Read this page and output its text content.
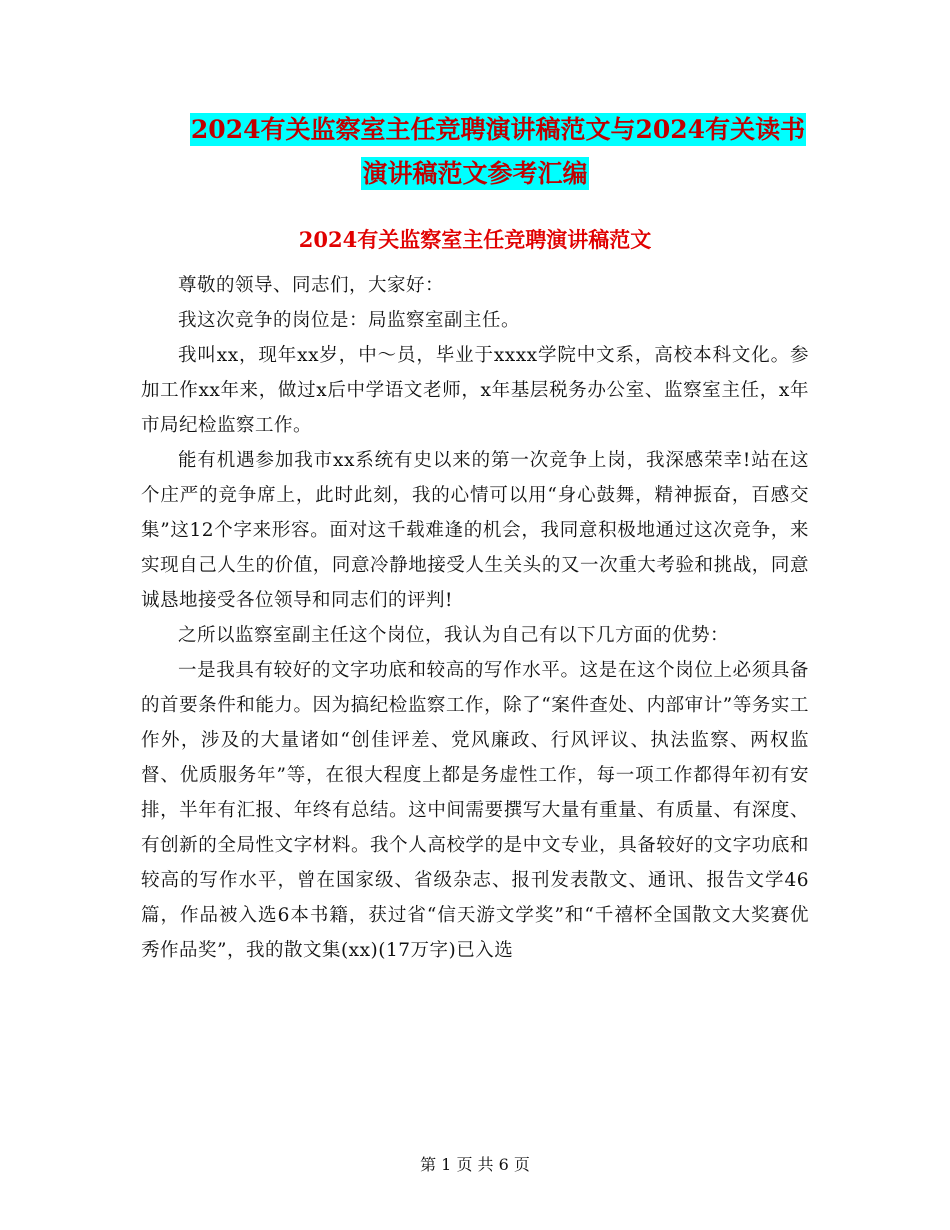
2024有关监察室主任竞聘演讲稿范文与2024有关读书
演讲稿范文参考汇编
2024有关监察室主任竞聘演讲稿范文

尊敬的领导、同志们，大家好：

我这次竞争的岗位是：局监察室副主任。

我叫xx，现年xx岁，中～员，毕业于xxxx学院中文系，高校本科文化。参加工作xx年来，做过x后中学语文老师，x年基层税务办公室、监察室主任，x年市局纪检监察工作。

能有机遇参加我市xx系统有史以来的第一次竞争上岗，我深感荣幸!站在这个庄严的竞争席上，此时此刻，我的心情可以用“身心鼓舞，精神振奋，百感交集”这12个字来形容。面对这千载难逢的机会，我同意积极地通过这次竞争，来实现自己人生的价值，同意冷静地接受人生关头的又一次重大考验和挑战，同意诚恳地接受各位领导和同志们的评判!

之所以监察室副主任这个岗位，我认为自己有以下几方面的优势：

一是我具有较好的文字功底和较高的写作水平。这是在这个岗位上必须具备的首要条件和能力。因为搞纪检监察工作，除了“案件查处、内部审计”等务实工作外，涉及的大量诸如“创佳评差、党风廉政、行风评议、执法监察、两权监督、优质服务年”等，在很大程度上都是务虚性工作，每一项工作都得年初有安排，半年有汇报、年终有总结。这中间需要撰写大量有重量、有质量、有深度、有创新的全局性文字材料。我个人高校学的是中文专业，具备较好的文字功底和较高的写作水平，曾在国家级、省级杂志、报刊发表散文、通讯、报告文学46篇，作品被入选6本书籍，获过省“信天游文学奖”和“千禧杯全国散文大奖赛优秀作品奖”，我的散文集(xx)(17万字)已入选

第 1 页 共 6 页
